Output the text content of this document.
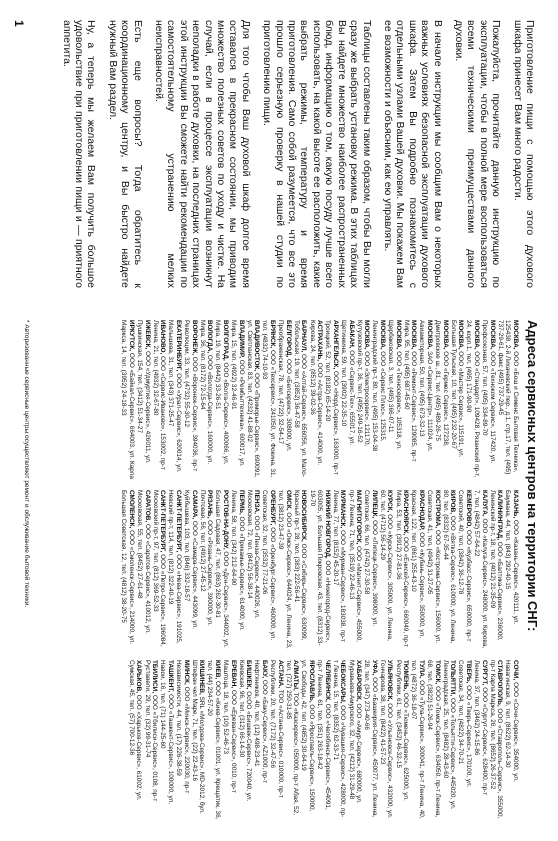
Приготовление пищи с помощью этого духового шкафа принесет Вам много радости.

Пожалуйста, прочитайте данную инструкцию по эксплуатации, чтобы в полной мере воспользоваться всеми техническими преимуществами данного духовки.

В начале инструкции мы сообщим Вам о некоторых важных условиях безопасной эксплуатации духового шкафа. Затем Вы подробно познакомитесь с отдельными узлами Вашей духовки. Мы покажем Вам ее возможности и объясним, как ею управлять.

Таблицы составлены таким образом, чтобы Вы могли сразу же выбрать установку режима. В этих таблицах Вы найдете множество наиболее распространенных блюд, информацию о том, какую посуду лучше всего использовать, на какой высоте ее расположить, какие выбрать режимы, температуру и время приготовления. Само собой разумеется, что все это прошло серьезную проверку в нашей студии по приготовлению пищи.

Для того чтобы Ваш духовой шкаф долгое время оставался в прекрасном состоянии, мы приводим множество полезных советов по уходу и чистке. На случай, если в процессе эксплуатации возникнут неполадки в работе духовки, на последних страницах этой инструкции Вы сможете найти рекомендации по самостоятельному устранению мелких неисправностей.

Есть еще вопросы? Тогда обратитесь к координационному центру, и Вы быстро найдете нужный Вам раздел.

Ну, а теперь мы желаем Вам получить большое удовольствие при приготовлении пищи и — приятного аппетита.

Адреса сервисных центров на территории СНГ:
МОСКВА, ООО «Бош и Сименс Бытовая Техника», 125438, 2-й Лихачевский пер., д.1, стр.17, тел. (495) 737-29-61, факс (495) 737-29-45
МОСКВА, ООО «Техноком Сервис», 117420, ул. Профсоюзная, 57, тел. (495) 334-89-70
МОСКВА, ООО «Стандарт», 109428, Рязанский пр-т, 24, корп.1, тел. (495) 171-90-90
МОСКВА, ООО «Мастер Сервис», 115191, ул. Большая Тульская, 10, тел. (495) 232-20-67
МОСКВА, ООО «Гермес Сервис», 127238, Дмитровское ш., 81, тел. (495) 489-26-75
МОСКВА, ЗАО «Сервис-Центр», 111024, ул. Авиамоторная, 50, тел. (495) 673-32-13
МОСКВА, ООО «Ремонт-Сервис», 129085, пр-т Мира, 95, тел. (495) 687-45-60
МОСКВА, ООО «Техносервис», 105318, ул. Щербаковская, 3, тел. (495) 366-07-11
МОСКВА, ООО «Сервис Плюс», 125315, Ленинградский пр-т, 80, тел. (495) 153-04-38
МОСКВА, ООО «Электросервис», 121170, Кутузовский пр-т, 36, тел. (495) 249-16-52
АБАКАН, ООО «Сервис-Тех», 655017, ул. Щетинкина, 59, тел. (3902) 22-35-10
АРХАНГЕЛЬСК, ООО «Норд-Сервис», 163000, пр-т Троицкий, 52, тел. (8182) 65-14-20
АСТРАХАНЬ, ООО «Астра-Сервис», 414000, ул. Кирова, 24, тел. (8512) 39-02-36
БАРНАУЛ, ООО «Алтай-Сервис», 656056, ул. Мало-Тобольская, 19, тел. (3852) 36-47-58
БЕЛГОРОД, ООО «Белсервис», 308000, ул. Преображенская, 78, тел. (4722) 32-54-17
БРЯНСК, ООО «Техсервис», 241050, ул. Фокина, 31, тел. (4832) 74-10-93
ВЛАДИВОСТОК, ООО «Приморье-Сервис», 690091, ул. Светланская, 83, тел. (4232) 41-88-02
ВЛАДИМИР, ООО «Рембыттехника», 600017, ул. Мира, 15, тел. (4922) 32-46-91
ВОЛГОГРАД, ООО «Волга-Сервис», 400066, ул. Мира, 19, тел. (8442) 33-26-51
ВОЛОГДА, ООО «Вологда-Сервис», 160000, ул. Мира, 36, тел. (8172) 72-15-64
ВОРОНЕЖ, ООО «Воронеж-Сервис», 394036, пр-т Революции, 33, тел. (4732) 55-30-12
ЕКАТЕРИНБУРГ, ООО «Урал-Сервис», 620014, ул. Малышева, 31, тел. (343) 371-25-47
ИВАНОВО, ООО «Сервис-Иваново», 153002, пр-т Ленина, 21, тел. (4932) 32-67-80
ИЖЕВСК, ООО «Удмуртия-Сервис», 426011, ул. Пушкинская, 154, тел. (3412) 51-34-27
ИРКУТСК, ООО «Байкал-Сервис», 664003, ул. Карла Маркса, 14, тел. (3952) 24-18-33
КАЗАНЬ, ООО «Казань-Сервис», 420111, ул. Баумана, 44, тел. (843) 292-40-15
КАЛИНИНГРАД, ООО «Балтика-Сервис», 236000, Ленинский пр-т, 18, тел. (4012) 21-35-09
КАЛУГА, ООО «Калуга-Сервис», 248000, ул. Кирова, 7, тел. (4842) 57-64-22
КЕМЕРОВО, ООО «Кузбасс-Сервис», 650000, пр-т Советский, 40, тел. (3842) 36-12-78
КИРОВ, ООО «Вятка-Сервис», 610000, ул. Ленина, 80, тел. (8332) 67-35-44
КОСТРОМА, ООО «Кострома-Сервис», 156000, ул. Советская, 41, тел. (4942) 31-27-05
КРАСНОДАР, ООО «Кубань-Сервис», 350000, ул. Красная, 122, тел. (861) 255-43-10
КРАСНОЯРСК, ООО «Енисей-Сервис», 660049, пр-т Мира, 53, тел. (3912) 27-81-36
КУРСК, ООО «Курск-Сервис», 305000, ул. Ленина, 60, тел. (4712) 56-14-29
ЛИПЕЦК, ООО «Липецк-Сервис», 398000, ул. Советская, 66, тел. (4742) 27-30-58
МАГНИТОГОРСК, ООО «Магнит-Сервис», 455000, пр-т Ленина, 71, тел. (3519) 22-46-13
МУРМАНСК, ООО «Мурман-Сервис», 183038, пр-т Ленина, 77, тел. (8152) 45-20-17
НИЖНИЙ НОВГОРОД, ООО «Нижегород-Сервис», 603005, ул. Большая Покровская, 43, тел. (8312) 33-19-70
НОВОСИБИРСК, ООО «Сибирь-Сервис», 630099, Красный пр-т, 28, тел. (383) 222-56-41
ОМСК, ООО «Омск-Сервис», 644024, ул. Ленина, 23, тел. (3812) 23-47-39
ОРЕНБУРГ, ООО «Оренбург-Сервис», 460000, ул. Советская, 32, тел. (3532) 77-21-06
ПЕНЗА, ООО «Пенза-Сервис», 440026, ул. Московская, 72, тел. (8412) 56-38-14
ПЕРМЬ, ООО «Прикамье-Сервис», 614000, ул. Ленина, 58, тел. (342) 212-64-90
РОСТОВ-НА-ДОНУ, ООО «Дон-Сервис», 344002, ул. Большая Садовая, 47, тел. (863) 262-30-81
РЯЗАНЬ, ООО «Рязань-Сервис», 390000, ул. Почтовая, 56, тел. (4912) 27-45-12
САМАРА, ООО «Самара-Сервис», 443099, ул. Куйбышева, 103, тел. (846) 332-18-57
САНКТ-ПЕТЕРБУРГ, ООО «Нева-Сервис», 191025, Невский пр-т, 114, тел. (812) 322-40-19
САНКТ-ПЕТЕРБУРГ, ООО «Петро-Сервис», 196084, Московский пр-т, 97, тел. (812) 369-52-33
САРАТОВ, ООО «Саратов-Сервис», 410012, ул. Московская, 55, тел. (8452) 27-61-48
СМОЛЕНСК, ООО «Смоленск-Сервис», 214000, ул. Большая Советская, 12, тел. (4812) 38-20-75
СОЧИ, ООО «Сочи-Сервис», 354000, ул. Навагинская, 9, тел. (8622) 62-14-30
СТАВРОПОЛЬ, ООО «Ставрополь-Сервис», 355000, пр-т Карла Маркса, 26, тел. (8652) 26-37-52
СУРГУТ, ООО «Сургут-Сервис», 628400, пр-т Ленина, 37, тел. (3462) 24-15-86
ТВЕРЬ, ООО «Тверь-Сервис», 170100, ул. Советская, 34, тел. (4822) 34-70-21
ТОЛЬЯТТИ, ООО «Тольятти-Сервис», 445020, ул. Ленинградская, 25, тел. (8482) 28-43-60
ТОМСК, ООО «Томск-Сервис», 634050, пр-т Ленина, 68, тел. (3822) 51-26-94
ТУЛА, ООО «Тула-Сервис», 300041, пр-т Ленина, 40, тел. (4872) 36-18-07
ТЮМЕНЬ, ООО «Тюмень-Сервис», 625000, ул. Республики, 61, тел. (3452) 46-32-15
УЛЬЯНОВСК, ООО «Ульяновск-Сервис», 432000, ул. Гончарова, 38, тел. (8422) 41-57-23
УФА, ООО «Башкирия-Сервис», 450077, ул. Ленина, 28, тел. (347) 273-40-66
ХАБАРОВСК, ООО «Амур-Сервис», 680000, ул. Муравьева-Амурского, 32, тел. (4212) 31-29-48
ЧЕБОКСАРЫ, ООО «Чувашия-Сервис», 428000, пр-т Ленина, 15, тел. (8352) 62-33-71
ЧЕЛЯБИНСК, ООО «Челябинск-Сервис», 454091, пр-т Ленина, 61, тел. (351) 263-18-42
ЯРОСЛАВЛЬ, ООО «Ярославль-Сервис», 150000, ул. Свободы, 42, тел. (4852) 30-64-19
АЛМАТЫ, ТОО «Казсервис», 050000, пр-т Абая, 52, тел. (727) 250-31-85
АСТАНА, ТОО «Астана-Сервис», 010000, пр-т Республики, 20, тел. (7172) 32-47-56
БАКУ, ООО «Баку-Сервис», AZ1000, пр-т Нефтяников, 40, тел. (12) 498-23-41
БИШКЕК, ОсОО «Бишкек-Сервис», 720040, ул. Киевская, 96, тел. (312) 66-14-30
ЕРЕВАН, ООО «Ереван-Сервис», 0010, пр-т Маштоца, 18, тел. (10) 52-46-73
КИЕВ, ООО «Киев-Сервис», 01001, ул. Крещатик, 36, тел. (44) 234-57-20
КИШИНЕВ, SRL «Молдова-Сервис», MD-2012, бул. Штефан чел Маре, 71, тел. (22) 22-43-16
МИНСК, ООО «Минск-Сервис», 220030, пр-т Независимости, 44, тел. (17) 226-38-59
ТАШКЕНТ, ООО «Ташкент-Сервис», 100000, ул. Навои, 16, тел. (71) 144-25-60
ТБИЛИСИ, ООО «Тбилиси-Сервис», 0108, пр-т Руставели, 29, тел. (32) 99-31-74
ХАРЬКОВ, ООО «Харьков-Сервис», 61002, ул. Сумская, 45, тел. (57) 700-12-36
* Авторизованные сервисные центры осуществляют ремонт и обслуживание бытовой техники.
1
